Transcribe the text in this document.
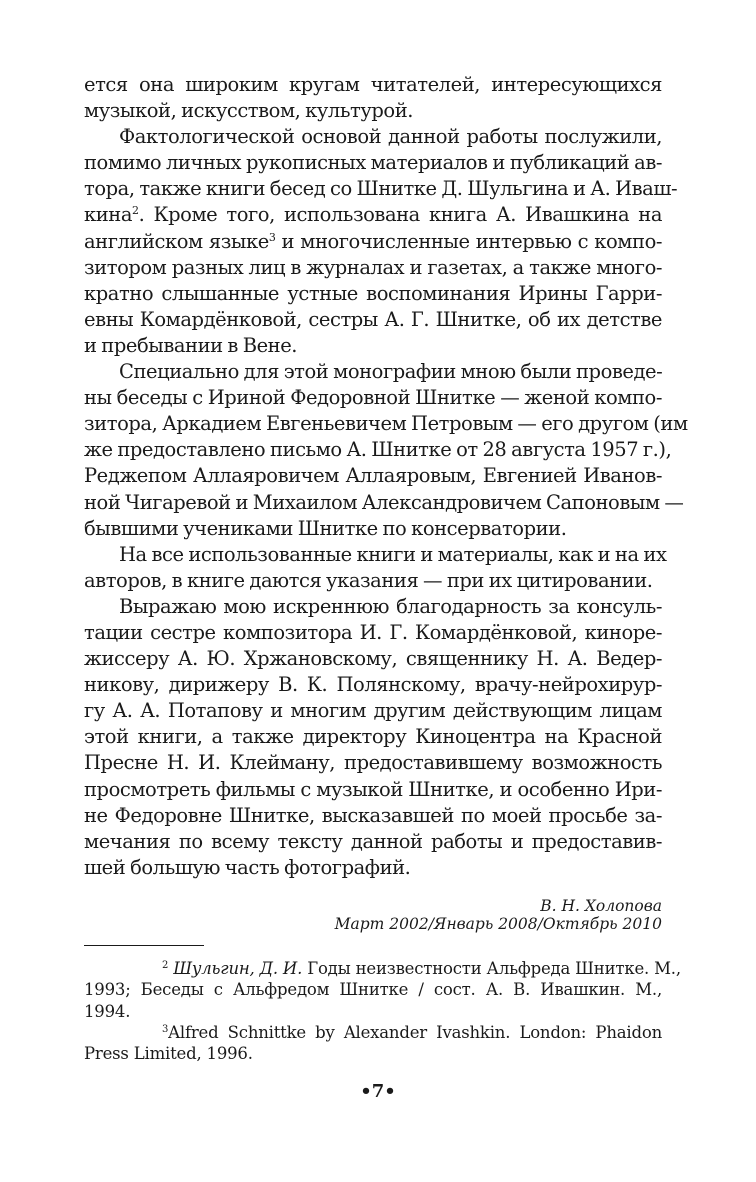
ется она широким кругам читателей, интересующихся
музыкой, искусством, культурой.
Фактологической основой данной работы послужили,
помимо личных рукописных материалов и публикаций ав-
тора, также книги бесед со Шнитке Д. Шульгина и А. Иваш-
кина$^2$. Кроме того, использована книга А. Ивашкина на
английском языке$^3$ и многочисленные интервью с компо-
зитором разных лиц в журналах и газетах, а также много-
кратно слышанные устные воспоминания Ирины Гарри-
евны Комардёнковой, сестры А. Г. Шнитке, об их детстве
и пребывании в Вене.
Специально для этой монографии мною были проведе-
ны беседы с Ириной Федоровной Шнитке — женой компо-
зитора, Аркадием Евгеньевичем Петровым — его другом (им
же предоставлено письмо А. Шнитке от 28 августа 1957 г.),
Реджепом Аллаяровичем Аллаяровым, Евгенией Иванов-
ной Чигаревой и Михаилом Александровичем Сапоновым —
бывшими учениками Шнитке по консерватории.
На все использованные книги и материалы, как и на их
авторов, в книге даются указания — при их цитировании.
Выражаю мою искреннюю благодарность за консуль-
тации сестре композитора И. Г. Комардёнковой, киноре-
жиссеру А. Ю. Хржановскому, священнику Н. А. Ведер-
никову, дирижеру В. К. Полянскому, врачу-нейрохирур-
гу А. А. Потапову и многим другим действующим лицам
этой книги, а также директору Киноцентра на Красной
Пресне Н. И. Клейману, предоставившему возможность
просмотреть фильмы с музыкой Шнитке, и особенно Ири-
не Федоровне Шнитке, высказавшей по моей просьбе за-
мечания по всему тексту данной работы и предоставив-
шей большую часть фотографий.
В. Н. Холопова
Март 2002/Январь 2008/Октябрь 2010
$^2$ Шульгин, Д. И. Годы неизвестности Альфреда Шнитке. М.,
1993; Беседы с Альфредом Шнитке / сост. А. В. Ивашкин. М.,
1994.
$^3$Alfred Schnittke by Alexander Ivashkin. London: Phaidon
Press Limited, 1996.
•7•
